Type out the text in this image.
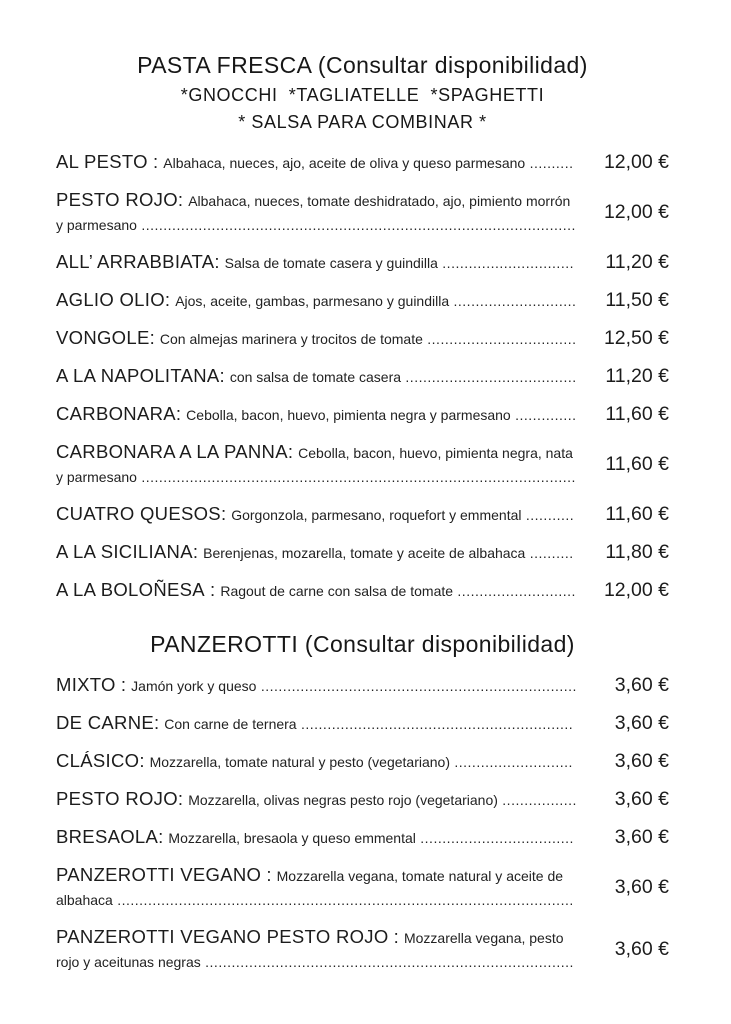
PASTA FRESCA (Consultar disponibilidad)
*GNOCCHI  *TAGLIATELLE  *SPAGHETTI
* SALSA PARA COMBINAR *
AL PESTO : Albahaca, nueces, ajo, aceite de oliva y queso parmesano ..........	12,00 €
PESTO ROJO: Albahaca, nueces, tomate deshidratado, ajo, pimiento morrón y parmesano ...................................................................................................
12,00 €
ALL’ ARRABBIATA: Salsa de tomate casera y guindilla ..............................	11,20 €
AGLIO OLIO: Ajos, aceite, gambas, parmesano y guindilla ............................	11,50 €
VONGOLE: Con almejas marinera y trocitos de tomate ..................................	12,50 €
A LA NAPOLITANA: con salsa de tomate casera .......................................	11,20 €
CARBONARA: Cebolla, bacon, huevo, pimienta negra y parmesano ..............	11,60 €
CARBONARA A LA PANNA: Cebolla, bacon, huevo, pimienta negra, nata y parmesano ...................................................................................................
11,60 €
CUATRO QUESOS: Gorgonzola, parmesano, roquefort y emmental ...........	11,60 €
A LA SICILIANA: Berenjenas, mozarella, tomate y aceite de albahaca ..........	11,80 €
A LA BOLOÑESA : Ragout de carne con salsa de tomate ...........................	12,00 €
PANZEROTTI (Consultar disponibilidad)
MIXTO : Jamón york y queso ........................................................................	3,60 €
DE CARNE: Con carne de ternera ..............................................................	3,60 €
CLÁSICO: Mozzarella, tomate natural y pesto (vegetariano) ...........................	3,60 €
PESTO ROJO: Mozzarella, olivas negras pesto rojo (vegetariano) .................	3,60 €
BRESAOLA: Mozzarella, bresaola y queso emmental ...................................	3,60 €
PANZEROTTI VEGANO : Mozzarella vegana, tomate natural y aceite de albahaca ........................................................................................................
3,60 €
PANZEROTTI VEGANO PESTO ROJO : Mozzarella vegana, pesto rojo y aceitunas negras ....................................................................................
3,60 €
